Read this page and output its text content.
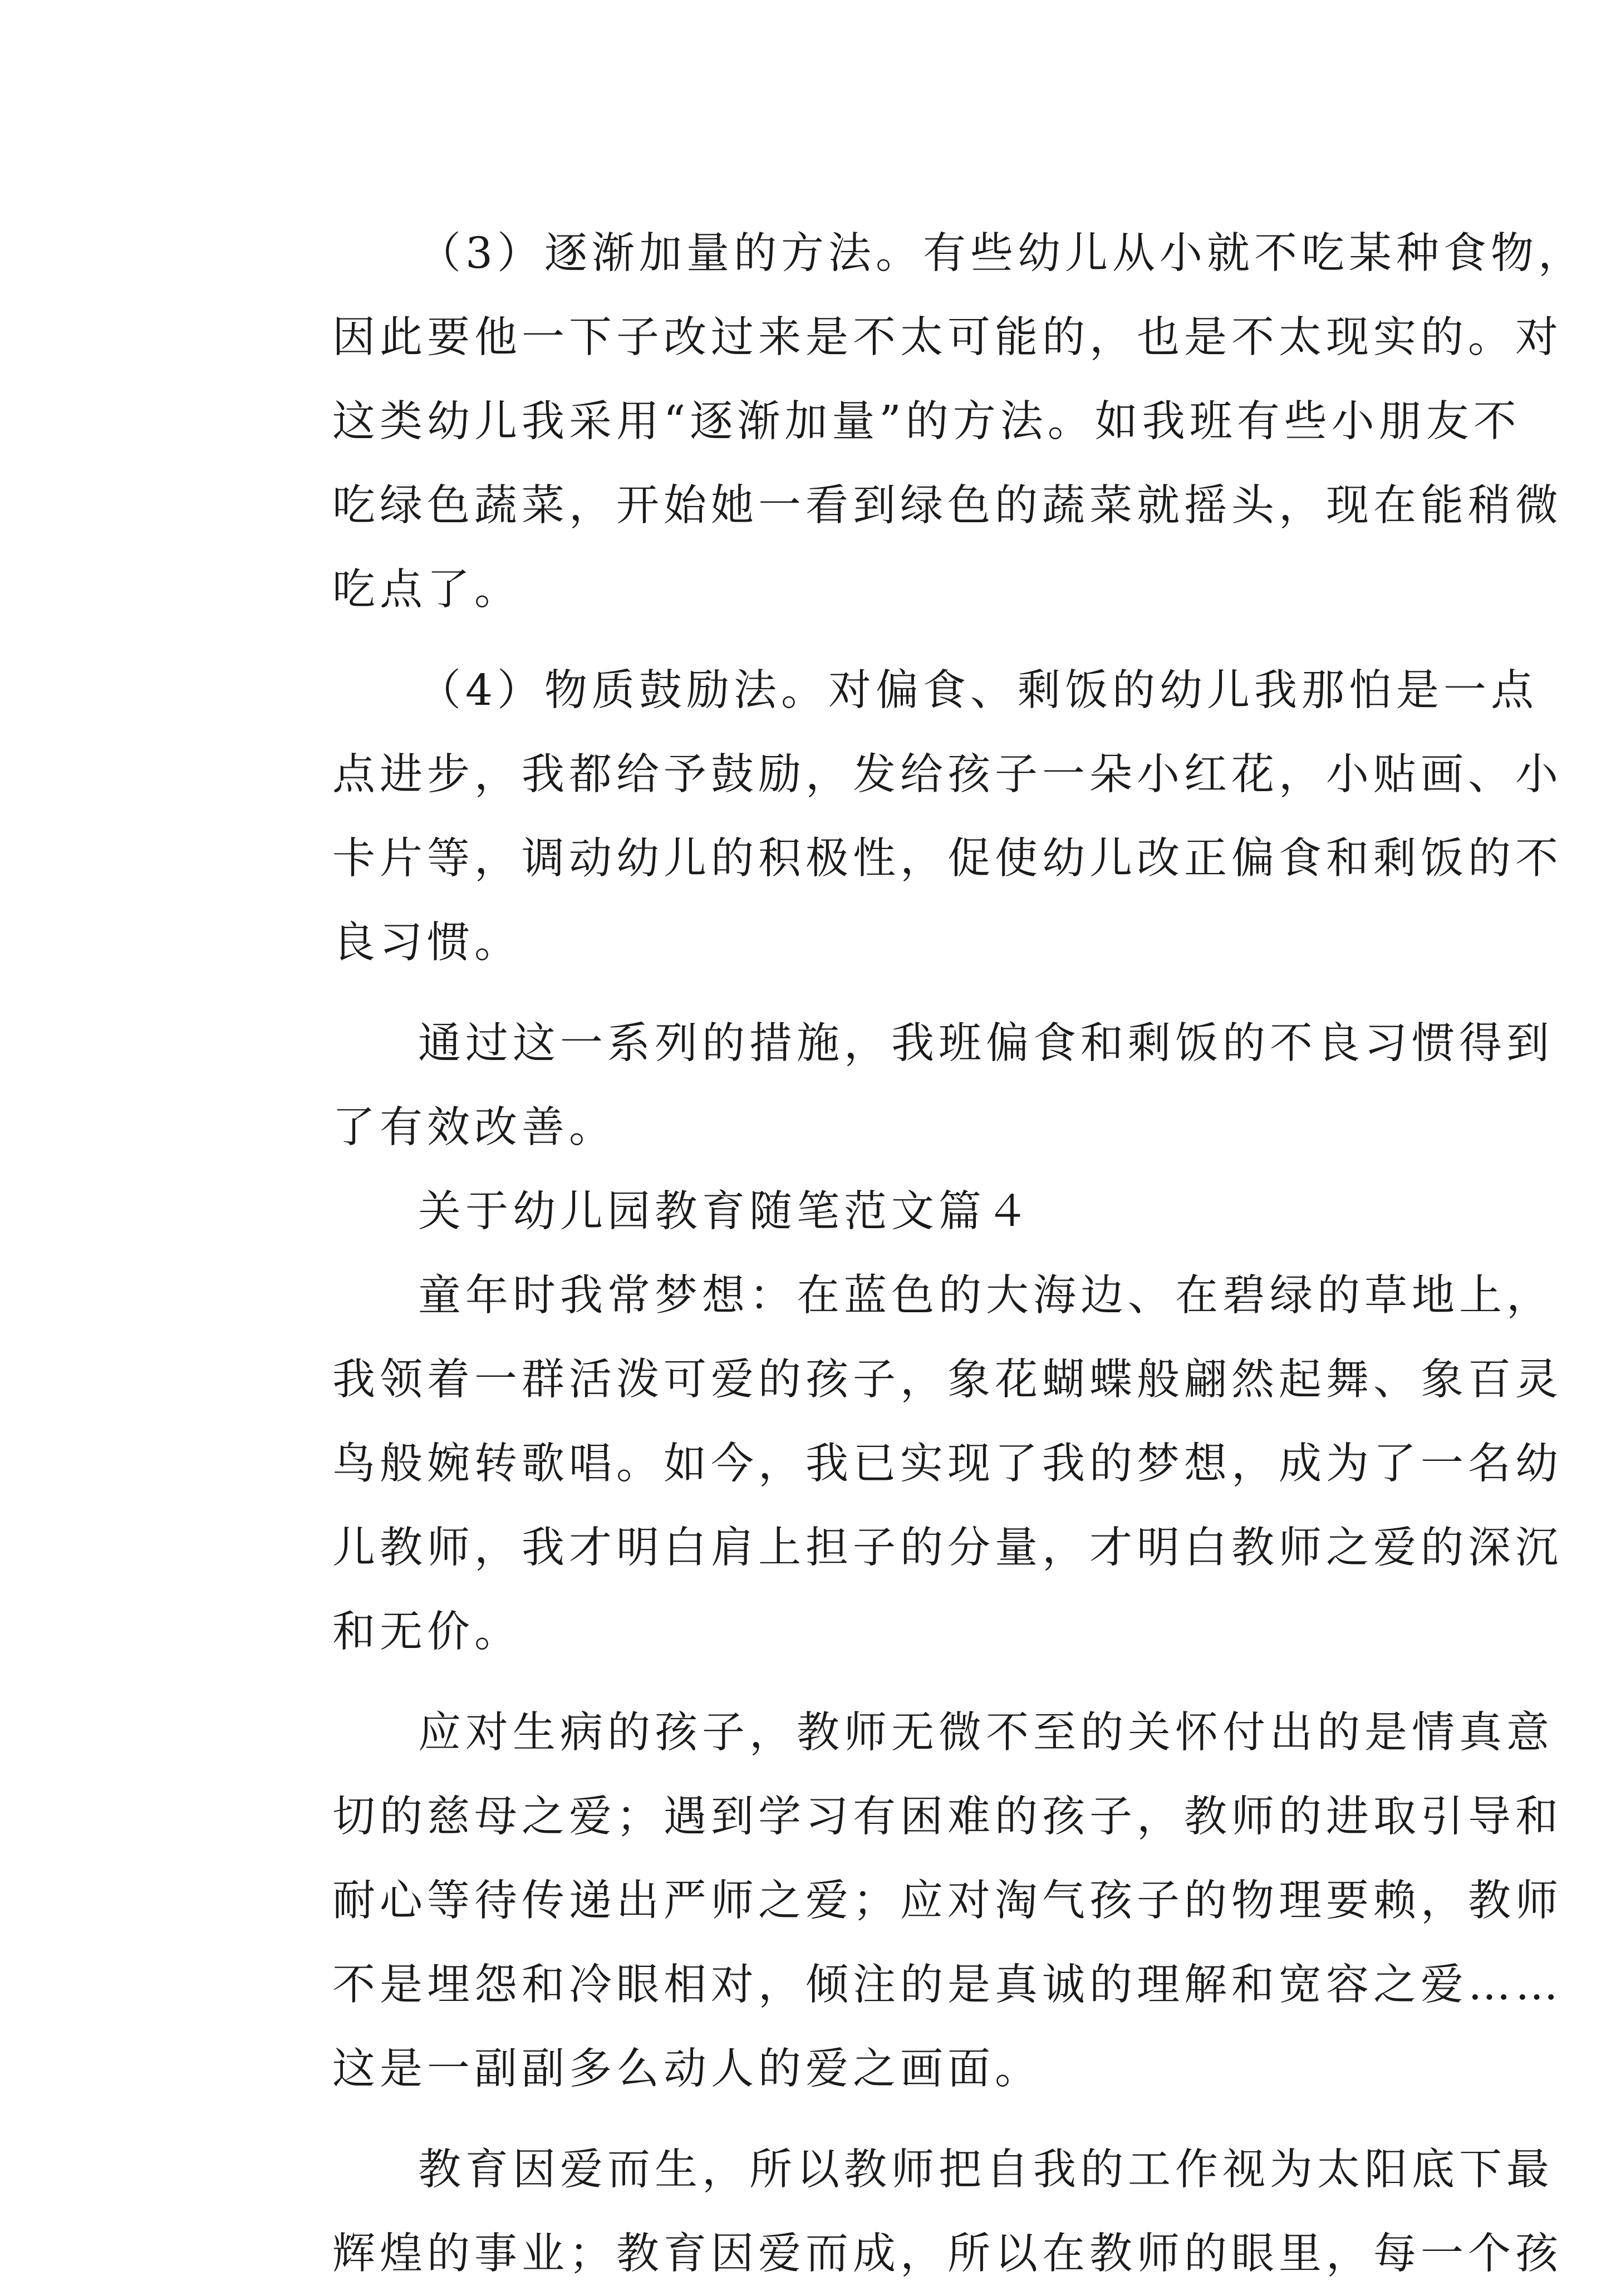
（3）逐渐加量的方法。有些幼儿从小就不吃某种食物，
因此要他一下子改过来是不太可能的，也是不太现实的。对
这类幼儿我采用“逐渐加量”的方法。如我班有些小朋友不
吃绿色蔬菜，开始她一看到绿色的蔬菜就摇头，现在能稍微
吃点了。

（4）物质鼓励法。对偏食、剩饭的幼儿我那怕是一点
点进步，我都给予鼓励，发给孩子一朵小红花，小贴画、小
卡片等，调动幼儿的积极性，促使幼儿改正偏食和剩饭的不
良习惯。

通过这一系列的措施，我班偏食和剩饭的不良习惯得到
了有效改善。

关于幼儿园教育随笔范文篇４

童年时我常梦想：在蓝色的大海边、在碧绿的草地上，
我领着一群活泼可爱的孩子，象花蝴蝶般翩然起舞、象百灵
鸟般婉转歌唱。如今，我已实现了我的梦想，成为了一名幼
儿教师，我才明白肩上担子的分量，才明白教师之爱的深沉
和无价。

应对生病的孩子，教师无微不至的关怀付出的是情真意
切的慈母之爱；遇到学习有困难的孩子，教师的进取引导和
耐心等待传递出严师之爱；应对淘气孩子的物理要赖，教师
不是埋怨和冷眼相对，倾注的是真诚的理解和宽容之爱……
这是一副副多么动人的爱之画面。

教育因爱而生，所以教师把自我的工作视为太阳底下最
辉煌的事业；教育因爱而成，所以在教师的眼里，每一个孩
